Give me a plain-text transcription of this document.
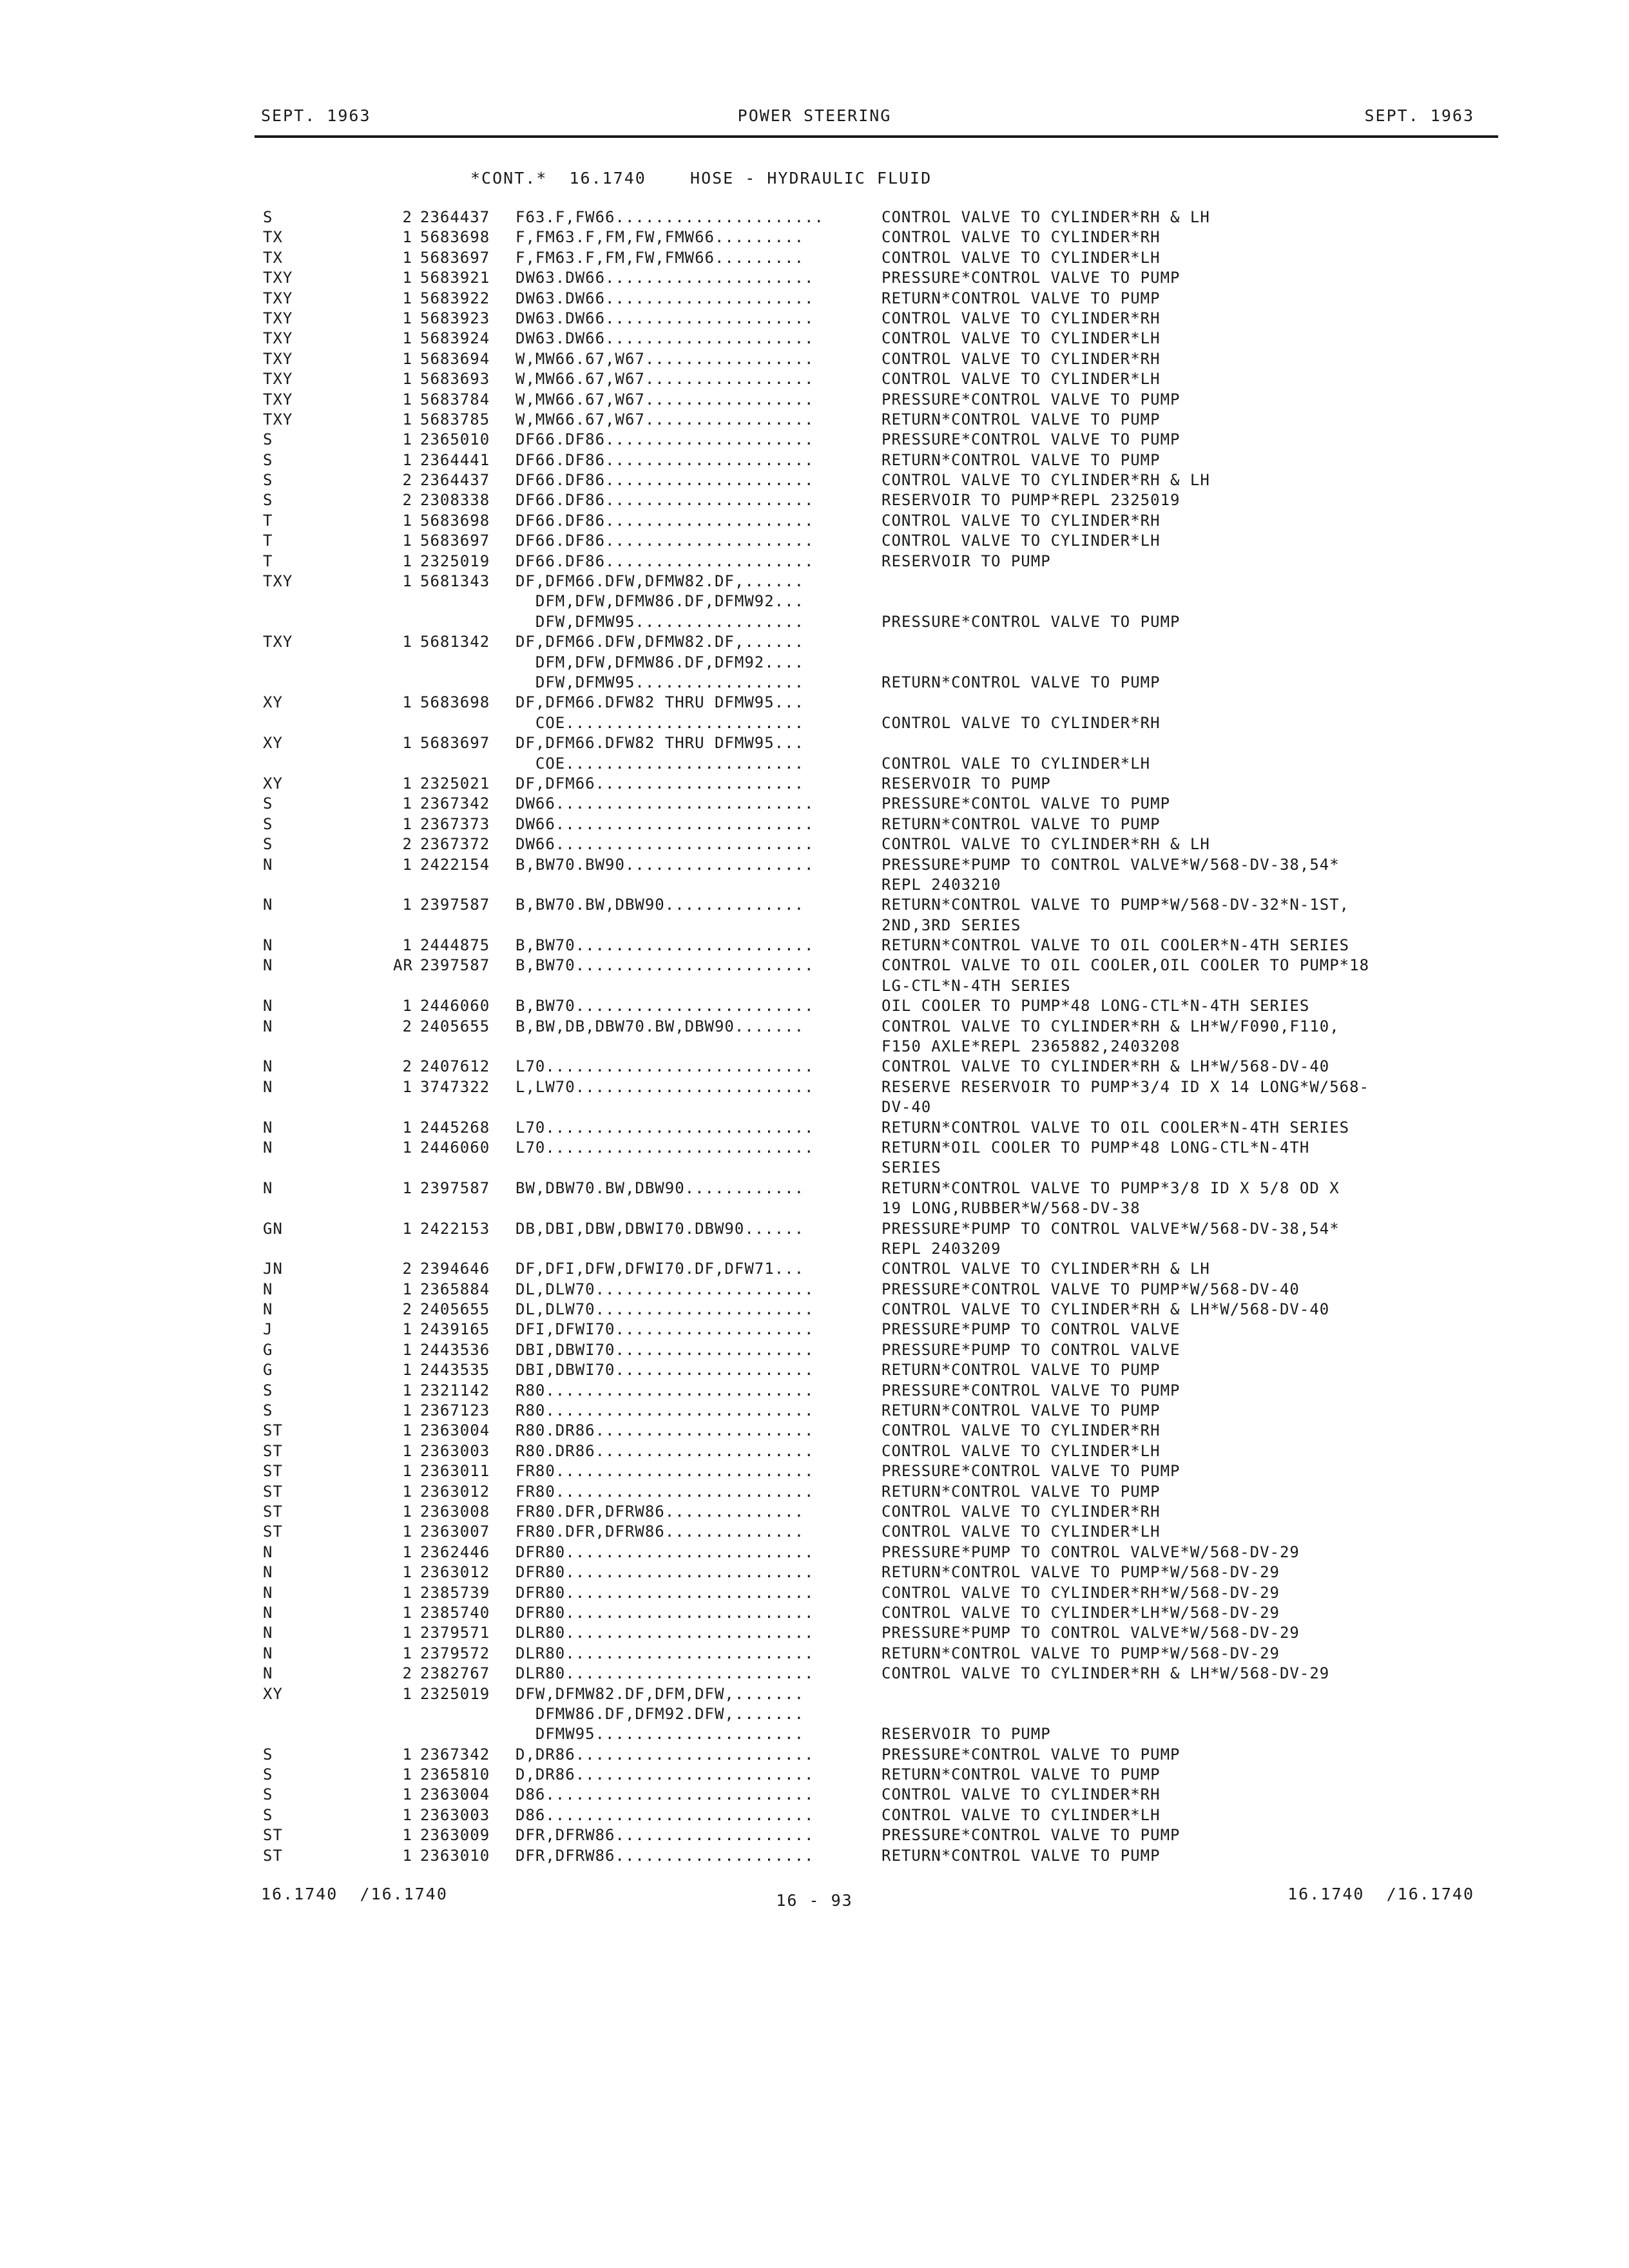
SEPT. 1963	POWER STEERING	SEPT. 1963
*CONT.*  16.1740    HOSE - HYDRAULIC FLUID
S	2 2364437 F63.F,FW66.....................	CONTROL VALVE TO CYLINDER*RH & LH
TX	1 5683698 F,FM63.F,FM,FW,FMW66.........	CONTROL VALVE TO CYLINDER*RH
TX	1 5683697 F,FM63.F,FM,FW,FMW66.........	CONTROL VALVE TO CYLINDER*LH
TXY	1 5683921 DW63.DW66.....................	PRESSURE*CONTROL VALVE TO PUMP
TXY	1 5683922 DW63.DW66.....................	RETURN*CONTROL VALVE TO PUMP
TXY	1 5683923 DW63.DW66.....................	CONTROL VALVE TO CYLINDER*RH
TXY	1 5683924 DW63.DW66.....................	CONTROL VALVE TO CYLINDER*LH
TXY	1 5683694 W,MW66.67,W67.................	CONTROL VALVE TO CYLINDER*RH
TXY	1 5683693 W,MW66.67,W67.................	CONTROL VALVE TO CYLINDER*LH
TXY	1 5683784 W,MW66.67,W67.................	PRESSURE*CONTROL VALVE TO PUMP
TXY	1 5683785 W,MW66.67,W67.................	RETURN*CONTROL VALVE TO PUMP
S	1 2365010 DF66.DF86.....................	PRESSURE*CONTROL VALVE TO PUMP
S	1 2364441 DF66.DF86.....................	RETURN*CONTROL VALVE TO PUMP
S	2 2364437 DF66.DF86.....................	CONTROL VALVE TO CYLINDER*RH & LH
S	2 2308338 DF66.DF86.....................	RESERVOIR TO PUMP*REPL 2325019
T	1 5683698 DF66.DF86.....................	CONTROL VALVE TO CYLINDER*RH
T	1 5683697 DF66.DF86.....................	CONTROL VALVE TO CYLINDER*LH
T	1 2325019 DF66.DF86.....................	RESERVOIR TO PUMP
TXY	1 5681343 DF,DFM66.DFW,DFMW82.DF,......
DFM,DFW,DFMW86.DF,DFMW92...
DFW,DFMW95.................	PRESSURE*CONTROL VALVE TO PUMP
TXY	1 5681342 DF,DFM66.DFW,DFMW82.DF,......
DFM,DFW,DFMW86.DF,DFM92....
DFW,DFMW95.................	RETURN*CONTROL VALVE TO PUMP
XY	1 5683698 DF,DFM66.DFW82 THRU DFMW95...
COE........................	CONTROL VALVE TO CYLINDER*RH
XY	1 5683697 DF,DFM66.DFW82 THRU DFMW95...
COE........................	CONTROL VALE TO CYLINDER*LH
XY	1 2325021 DF,DFM66.....................	RESERVOIR TO PUMP
S	1 2367342 DW66..........................	PRESSURE*CONTOL VALVE TO PUMP
S	1 2367373 DW66..........................	RETURN*CONTROL VALVE TO PUMP
S	2 2367372 DW66..........................	CONTROL VALVE TO CYLINDER*RH & LH
N	1 2422154 B,BW70.BW90...................	PRESSURE*PUMP TO CONTROL VALVE*W/568-DV-38,54*
REPL 2403210
N	1 2397587 B,BW70.BW,DBW90..............	RETURN*CONTROL VALVE TO PUMP*W/568-DV-32*N-1ST,
2ND,3RD SERIES
N	1 2444875 B,BW70........................	RETURN*CONTROL VALVE TO OIL COOLER*N-4TH SERIES
N	AR 2397587 B,BW70........................	CONTROL VALVE TO OIL COOLER,OIL COOLER TO PUMP*18
LG-CTL*N-4TH SERIES
N	1 2446060 B,BW70........................	OIL COOLER TO PUMP*48 LONG-CTL*N-4TH SERIES
N	2 2405655 B,BW,DB,DBW70.BW,DBW90.......	CONTROL VALVE TO CYLINDER*RH & LH*W/F090,F110,
F150 AXLE*REPL 2365882,2403208
N	2 2407612 L70...........................	CONTROL VALVE TO CYLINDER*RH & LH*W/568-DV-40
N	1 3747322 L,LW70........................	RESERVE RESERVOIR TO PUMP*3/4 ID X 14 LONG*W/568-
DV-40
N	1 2445268 L70...........................	RETURN*CONTROL VALVE TO OIL COOLER*N-4TH SERIES
N	1 2446060 L70...........................	RETURN*OIL COOLER TO PUMP*48 LONG-CTL*N-4TH
SERIES
N	1 2397587 BW,DBW70.BW,DBW90............	RETURN*CONTROL VALVE TO PUMP*3/8 ID X 5/8 OD X
19 LONG,RUBBER*W/568-DV-38
GN	1 2422153 DB,DBI,DBW,DBWI70.DBW90......	PRESSURE*PUMP TO CONTROL VALVE*W/568-DV-38,54*
REPL 2403209
JN	2 2394646 DF,DFI,DFW,DFWI70.DF,DFW71...	CONTROL VALVE TO CYLINDER*RH & LH
N	1 2365884 DL,DLW70......................	PRESSURE*CONTROL VALVE TO PUMP*W/568-DV-40
N	2 2405655 DL,DLW70......................	CONTROL VALVE TO CYLINDER*RH & LH*W/568-DV-40
J	1 2439165 DFI,DFWI70....................	PRESSURE*PUMP TO CONTROL VALVE
G	1 2443536 DBI,DBWI70....................	PRESSURE*PUMP TO CONTROL VALVE
G	1 2443535 DBI,DBWI70....................	RETURN*CONTROL VALVE TO PUMP
S	1 2321142 R80...........................	PRESSURE*CONTROL VALVE TO PUMP
S	1 2367123 R80...........................	RETURN*CONTROL VALVE TO PUMP
ST	1 2363004 R80.DR86......................	CONTROL VALVE TO CYLINDER*RH
ST	1 2363003 R80.DR86......................	CONTROL VALVE TO CYLINDER*LH
ST	1 2363011 FR80..........................	PRESSURE*CONTROL VALVE TO PUMP
ST	1 2363012 FR80..........................	RETURN*CONTROL VALVE TO PUMP
ST	1 2363008 FR80.DFR,DFRW86..............	CONTROL VALVE TO CYLINDER*RH
ST	1 2363007 FR80.DFR,DFRW86..............	CONTROL VALVE TO CYLINDER*LH
N	1 2362446 DFR80.........................	PRESSURE*PUMP TO CONTROL VALVE*W/568-DV-29
N	1 2363012 DFR80.........................	RETURN*CONTROL VALVE TO PUMP*W/568-DV-29
N	1 2385739 DFR80.........................	CONTROL VALVE TO CYLINDER*RH*W/568-DV-29
N	1 2385740 DFR80.........................	CONTROL VALVE TO CYLINDER*LH*W/568-DV-29
N	1 2379571 DLR80.........................	PRESSURE*PUMP TO CONTROL VALVE*W/568-DV-29
N	1 2379572 DLR80.........................	RETURN*CONTROL VALVE TO PUMP*W/568-DV-29
N	2 2382767 DLR80.........................	CONTROL VALVE TO CYLINDER*RH & LH*W/568-DV-29
XY	1 2325019 DFW,DFMW82.DF,DFM,DFW,.......
DFMW86.DF,DFM92.DFW,.......
DFMW95.....................	RESERVOIR TO PUMP
S	1 2367342 D,DR86........................	PRESSURE*CONTROL VALVE TO PUMP
S	1 2365810 D,DR86........................	RETURN*CONTROL VALVE TO PUMP
S	1 2363004 D86...........................	CONTROL VALVE TO CYLINDER*RH
S	1 2363003 D86...........................	CONTROL VALVE TO CYLINDER*LH
ST	1 2363009 DFR,DFRW86....................	PRESSURE*CONTROL VALVE TO PUMP
ST	1 2363010 DFR,DFRW86....................	RETURN*CONTROL VALVE TO PUMP
16.1740  /16.1740	16 - 93	16.1740  /16.1740
